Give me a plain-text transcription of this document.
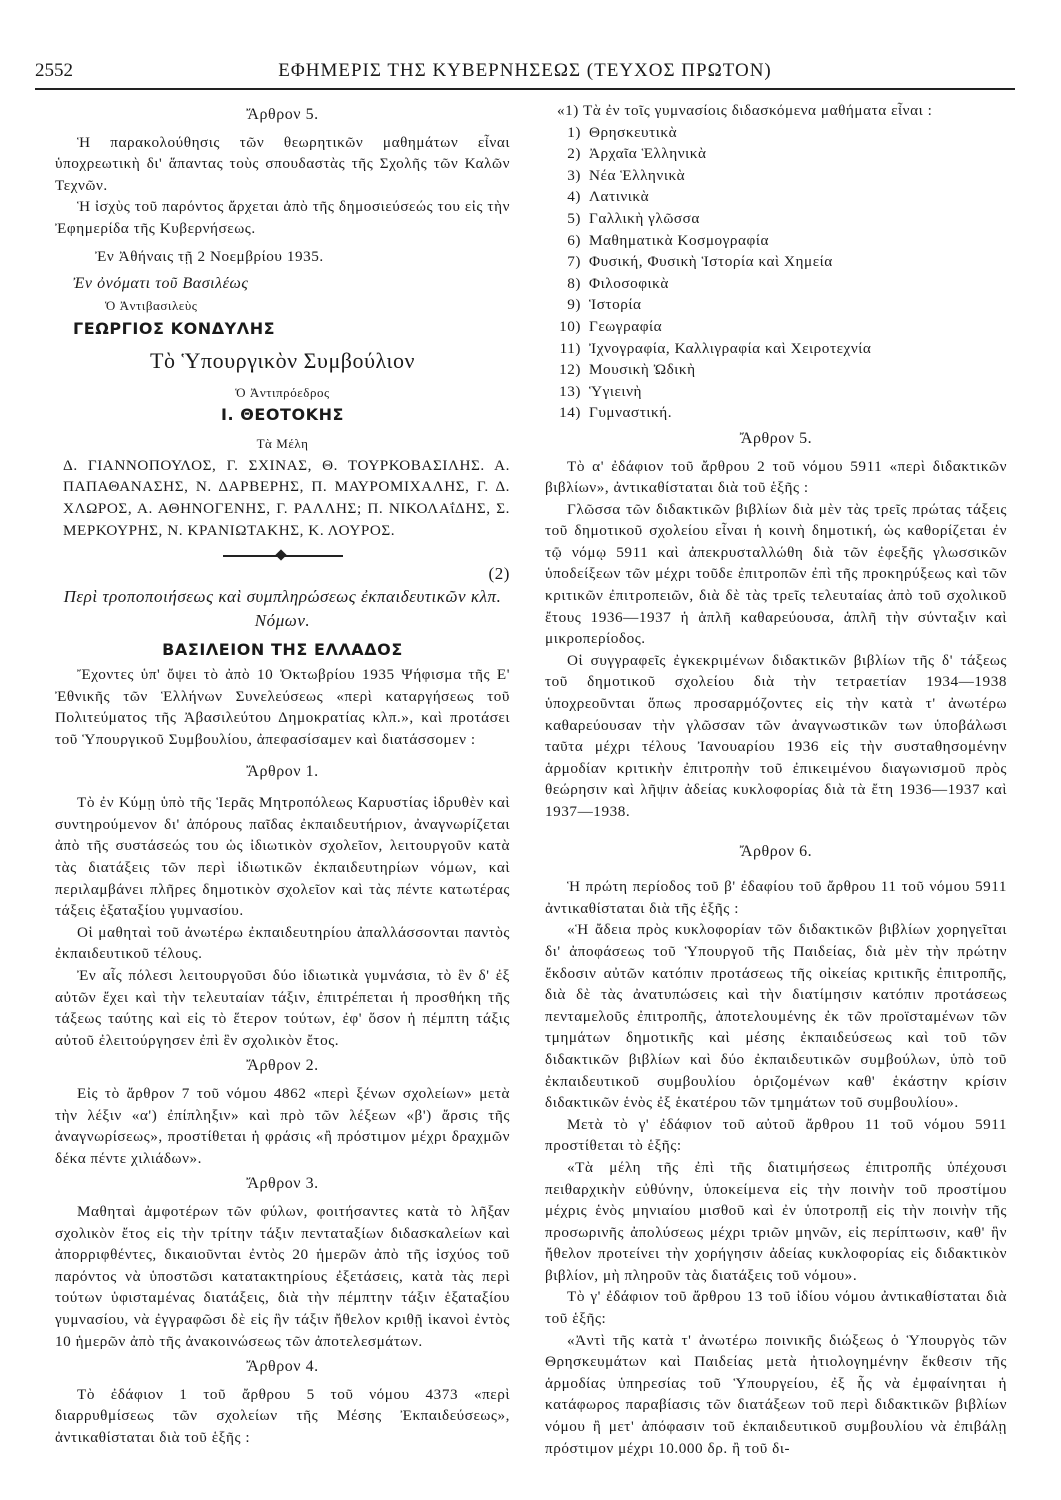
2552	ΕΦΗΜΕΡΙΣ ΤΗΣ ΚΥΒΕΡΝΗΣΕΩΣ (ΤΕΥΧΟΣ ΠΡΩΤΟΝ)

Ἄρθρον 5.

Ἡ παρακολούθησις τῶν θεωρητικῶν μαθημάτων εἶναι ὑποχρεωτικὴ δι' ἅπαντας τοὺς σπουδαστὰς τῆς Σχολῆς τῶν Καλῶν Τεχνῶν.

Ἡ ἰσχὺς τοῦ παρόντος ἄρχεται ἀπὸ τῆς δημοσιεύσεώς του εἰς τὴν Ἐφημερίδα τῆς Κυβερνήσεως.

Ἐν Ἀθήναις τῇ 2 Νοεμβρίου 1935.

Ἐν ὀνόματι τοῦ Βασιλέως

Ὁ Ἀντιβασιλεὺς

ΓΕΩΡΓΙΟΣ ΚΟΝΔΥΛΗΣ

Τὸ Ὑπουργικὸν Συμβούλιον

Ὁ Ἀντιπρόεδρος

Ι. ΘΕΟΤΟΚΗΣ

Τὰ Μέλη

Δ. ΓΙΑΝΝΟΠΟΥΛΟΣ, Γ. ΣΧΙΝΑΣ, Θ. ΤΟΥΡΚΟΒΑΣΙΛΗΣ. Α. ΠΑΠΑΘΑΝΑΣΗΣ, Ν. ΔΑΡΒΕΡΗΣ, Π. ΜΑΥΡΟΜΙΧΑΛΗΣ, Γ. Δ. ΧΛΩΡΟΣ, Α. ΑΘΗΝΟΓΕΝΗΣ, Γ. ΡΑΛΛΗΣ; Π. ΝΙΚΟΛΑΐΔΗΣ, Σ. ΜΕΡΚΟΥΡΗΣ, Ν. ΚΡΑΝΙΩΤΑΚΗΣ, Κ. ΛΟΥΡΟΣ.

(2)

Περὶ τροποποιήσεως καὶ συμπληρώσεως ἐκπαιδευτικῶν κλπ. Νόμων.

ΒΑΣΙΛΕΙΟΝ ΤΗΣ ΕΛΛΑΔΟΣ

Ἔχοντες ὑπ' ὄψει τὸ ἀπὸ 10 Ὀκτωβρίου 1935 Ψήφισμα τῆς Ε' Ἐθνικῆς τῶν Ἑλλήνων Συνελεύσεως «περὶ καταργήσεως τοῦ Πολιτεύματος τῆς Ἀβασιλεύτου Δημοκρατίας κλπ.», καὶ προτάσει τοῦ Ὑπουργικοῦ Συμβουλίου, ἀπεφασίσαμεν καὶ διατάσσομεν :

Ἄρθρον 1.

Τὸ ἐν Κύμῃ ὑπὸ τῆς Ἱερᾶς Μητροπόλεως Καρυστίας ἱδρυθὲν καὶ συντηρούμενον δι' ἀπόρους παῖδας ἐκπαιδευτήριον, ἀναγνωρίζεται ἀπὸ τῆς συστάσεώς του ὡς ἰδιωτικὸν σχολεῖον, λειτουργοῦν κατὰ τὰς διατάξεις τῶν περὶ ἰδιωτικῶν ἐκπαιδευτηρίων νόμων, καὶ περιλαμβάνει πλῆρες δημοτικὸν σχολεῖον καὶ τὰς πέντε κατωτέρας τάξεις ἑξαταξίου γυμνασίου.

Οἱ μαθηταὶ τοῦ ἀνωτέρω ἐκπαιδευτηρίου ἀπαλλάσσονται παντὸς ἐκπαιδευτικοῦ τέλους.

Ἐν αἷς πόλεσι λειτουργοῦσι δύο ἰδιωτικὰ γυμνάσια, τὸ ἓν δ' ἐξ αὐτῶν ἔχει καὶ τὴν τελευταίαν τάξιν, ἐπιτρέπεται ἡ προσθήκη τῆς τάξεως ταύτης καὶ εἰς τὸ ἕτερον τούτων, ἐφ' ὅσον ἡ πέμπτη τάξις αὐτοῦ ἐλειτούργησεν ἐπὶ ἓν σχολικὸν ἔτος.

Ἄρθρον 2.

Εἰς τὸ ἄρθρον 7 τοῦ νόμου 4862 «περὶ ξένων σχολείων» μετὰ τὴν λέξιν «α') ἐπίπληξιν» καὶ πρὸ τῶν λέξεων «β') ἄρσις τῆς ἀναγνωρίσεως», προστίθεται ἡ φράσις «ἢ πρόστιμον μέχρι δραχμῶν δέκα πέντε χιλιάδων».

Ἄρθρον 3.

Μαθηταὶ ἀμφοτέρων τῶν φύλων, φοιτήσαντες κατὰ τὸ λῆξαν σχολικὸν ἔτος εἰς τὴν τρίτην τάξιν πενταταξίων διδασκαλείων καὶ ἀπορριφθέντες, δικαιοῦνται ἐντὸς 20 ἡμερῶν ἀπὸ τῆς ἰσχύος τοῦ παρόντος νὰ ὑποστῶσι κατατακτηρίους ἐξετάσεις, κατὰ τὰς περὶ τούτων ὑφισταμένας διατάξεις, διὰ τὴν πέμπτην τάξιν ἑξαταξίου γυμνασίου, νὰ ἐγγραφῶσι δὲ εἰς ἣν τάξιν ἤθελον κριθῇ ἱκανοὶ ἐντὸς 10 ἡμερῶν ἀπὸ τῆς ἀνακοινώσεως τῶν ἀποτελεσμάτων.

Ἄρθρον 4.

Τὸ ἐδάφιον 1 τοῦ ἄρθρου 5 τοῦ νόμου 4373 «περὶ διαρρυθμίσεως τῶν σχολείων τῆς Μέσης Ἐκπαιδεύσεως», ἀντικαθίσταται διὰ τοῦ ἑξῆς :

«1) Τὰ ἐν τοῖς γυμνασίοις διδασκόμενα μαθήματα εἶναι :

1) Θρησκευτικὰ
2) Ἀρχαῖα Ἑλληνικὰ
3) Νέα Ἑλληνικὰ
4) Λατινικὰ
5) Γαλλικὴ γλῶσσα
6) Μαθηματικὰ Κοσμογραφία
7) Φυσική, Φυσικὴ Ἱστορία καὶ Χημεία
8) Φιλοσοφικὰ
9) Ἱστορία
10) Γεωγραφία
11) Ἰχνογραφία, Καλλιγραφία καὶ Χειροτεχνία
12) Μουσικὴ Ὠδικὴ
13) Ὑγιεινὴ
14) Γυμναστική.

Ἄρθρον 5.

Τὸ α' ἐδάφιον τοῦ ἄρθρου 2 τοῦ νόμου 5911 «περὶ διδακτικῶν βιβλίων», ἀντικαθίσταται διὰ τοῦ ἑξῆς :

Γλῶσσα τῶν διδακτικῶν βιβλίων διὰ μὲν τὰς τρεῖς πρώτας τάξεις τοῦ δημοτικοῦ σχολείου εἶναι ἡ κοινὴ δημοτική, ὡς καθορίζεται ἐν τῷ νόμῳ 5911 καὶ ἀπεκρυσταλλώθη διὰ τῶν ἐφεξῆς γλωσσικῶν ὑποδείξεων τῶν μέχρι τοῦδε ἐπιτροπῶν ἐπὶ τῆς προκηρύξεως καὶ τῶν κριτικῶν ἐπιτροπειῶν, διὰ δὲ τὰς τρεῖς τελευταίας ἀπὸ τοῦ σχολικοῦ ἔτους 1936—1937 ἡ ἁπλῆ καθαρεύουσα, ἁπλῆ τὴν σύνταξιν καὶ μικροπερίοδος.

Οἱ συγγραφεῖς ἐγκεκριμένων διδακτικῶν βιβλίων τῆς δ' τάξεως τοῦ δημοτικοῦ σχολείου διὰ τὴν τετραετίαν 1934—1938 ὑποχρεοῦνται ὅπως προσαρμόζοντες εἰς τὴν κατὰ τ' ἀνωτέρω καθαρεύουσαν τὴν γλῶσσαν τῶν ἀναγνωστικῶν των ὑποβάλωσι ταῦτα μέχρι τέλους Ἰανουαρίου 1936 εἰς τὴν συσταθησομένην ἁρμοδίαν κριτικὴν ἐπιτροπὴν τοῦ ἐπικειμένου διαγωνισμοῦ πρὸς θεώρησιν καὶ λῆψιν ἀδείας κυκλοφορίας διὰ τὰ ἔτη 1936—1937 καὶ 1937—1938.

Ἄρθρον 6.

Ἡ πρώτη περίοδος τοῦ β' ἐδαφίου τοῦ ἄρθρου 11 τοῦ νόμου 5911 ἀντικαθίσταται διὰ τῆς ἑξῆς :

«Ἡ ἄδεια πρὸς κυκλοφορίαν τῶν διδακτικῶν βιβλίων χορηγεῖται δι' ἀποφάσεως τοῦ Ὑπουργοῦ τῆς Παιδείας, διὰ μὲν τὴν πρώτην ἔκδοσιν αὐτῶν κατόπιν προτάσεως τῆς οἰκείας κριτικῆς ἐπιτροπῆς, διὰ δὲ τὰς ἀνατυπώσεις καὶ τὴν διατίμησιν κατόπιν προτάσεως πενταμελοῦς ἐπιτροπῆς, ἀποτελουμένης ἐκ τῶν προϊσταμένων τῶν τμημάτων δημοτικῆς καὶ μέσης ἐκπαιδεύσεως καὶ τοῦ τῶν διδακτικῶν βιβλίων καὶ δύο ἐκπαιδευτικῶν συμβούλων, ὑπὸ τοῦ ἐκπαιδευτικοῦ συμβουλίου ὁριζομένων καθ' ἑκάστην κρίσιν διδακτικῶν ἑνὸς ἐξ ἑκατέρου τῶν τμημάτων τοῦ συμβουλίου».

Μετὰ τὸ γ' ἐδάφιον τοῦ αὐτοῦ ἄρθρου 11 τοῦ νόμου 5911 προστίθεται τὸ ἑξῆς:

«Τὰ μέλη τῆς ἐπὶ τῆς διατιμήσεως ἐπιτροπῆς ὑπέχουσι πειθαρχικὴν εὐθύνην, ὑποκείμενα εἰς τὴν ποινὴν τοῦ προστίμου μέχρις ἑνὸς μηνιαίου μισθοῦ καὶ ἐν ὑποτροπῇ εἰς τὴν ποινὴν τῆς προσωρινῆς ἀπολύσεως μέχρι τριῶν μηνῶν, εἰς περίπτωσιν, καθ' ἣν ἤθελον προτείνει τὴν χορήγησιν ἀδείας κυκλοφορίας εἰς διδακτικὸν βιβλίον, μὴ πληροῦν τὰς διατάξεις τοῦ νόμου».

Τὸ γ' ἐδάφιον τοῦ ἄρθρου 13 τοῦ ἰδίου νόμου ἀντικαθίσταται διὰ τοῦ ἑξῆς:

«Ἀντὶ τῆς κατὰ τ' ἀνωτέρω ποινικῆς διώξεως ὁ Ὑπουργὸς τῶν Θρησκευμάτων καὶ Παιδείας μετὰ ἠτιολογημένην ἔκθεσιν τῆς ἁρμοδίας ὑπηρεσίας τοῦ Ὑπουργείου, ἐξ ἧς νὰ ἐμφαίνηται ἡ κατάφωρος παραβίασις τῶν διατάξεων τοῦ περὶ διδακτικῶν βιβλίων νόμου ἢ μετ' ἀπόφασιν τοῦ ἐκπαιδευτικοῦ συμβουλίου νὰ ἐπιβάλῃ πρόστιμον μέχρι 10.000 δρ. ἢ τοῦ δι-
